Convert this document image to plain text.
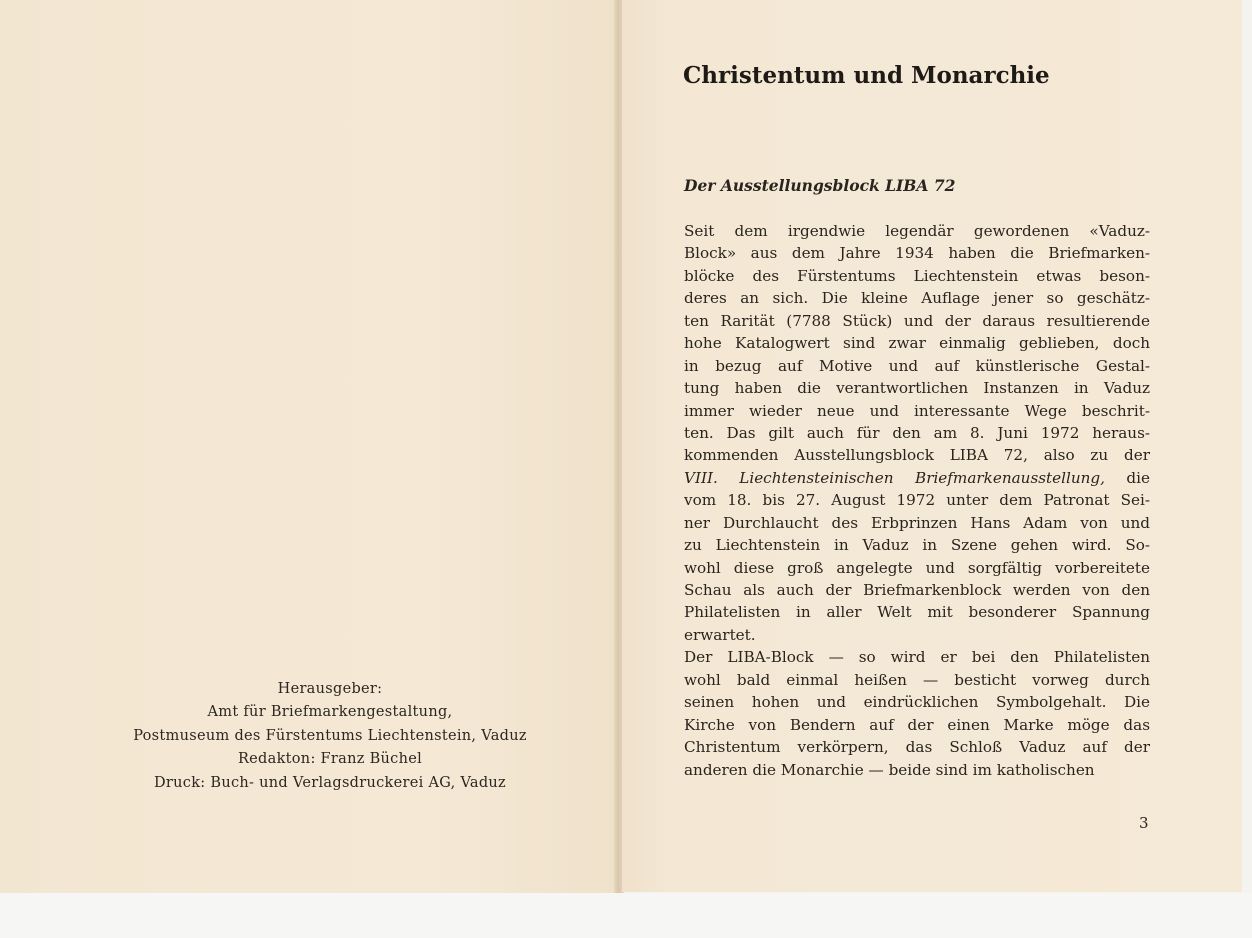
Herausgeber:
Amt für Briefmarkengestaltung,
Postmuseum des Fürstentums Liechtenstein, Vaduz
Redakton: Franz Büchel
Druck: Buch- und Verlagsdruckerei AG, Vaduz
Christentum und Monarchie
Der Ausstellungsblock LIBA 72
Seit dem irgendwie legendär gewordenen «Vaduz-
Block» aus dem Jahre 1934 haben die Briefmarken-
blöcke des Fürstentums Liechtenstein etwas beson-
deres an sich. Die kleine Auflage jener so geschätz-
ten Rarität (7788 Stück) und der daraus resultierende
hohe Katalogwert sind zwar einmalig geblieben, doch
in bezug auf Motive und auf künstlerische Gestal-
tung haben die verantwortlichen Instanzen in Vaduz
immer wieder neue und interessante Wege beschrit-
ten. Das gilt auch für den am 8. Juni 1972 heraus-
kommenden Ausstellungsblock LIBA 72, also zu der
VIII. Liechtensteinischen Briefmarkenausstellung, die
vom 18. bis 27. August 1972 unter dem Patronat Sei-
ner Durchlaucht des Erbprinzen Hans Adam von und
zu Liechtenstein in Vaduz in Szene gehen wird. So-
wohl diese groß angelegte und sorgfältig vorbereitete
Schau als auch der Briefmarkenblock werden von den
Philatelisten in aller Welt mit besonderer Spannung
erwartet.
Der LIBA-Block — so wird er bei den Philatelisten
wohl bald einmal heißen — besticht vorweg durch
seinen hohen und eindrücklichen Symbolgehalt. Die
Kirche von Bendern auf der einen Marke möge das
Christentum verkörpern, das Schloß Vaduz auf der
anderen die Monarchie — beide sind im katholischen
3
